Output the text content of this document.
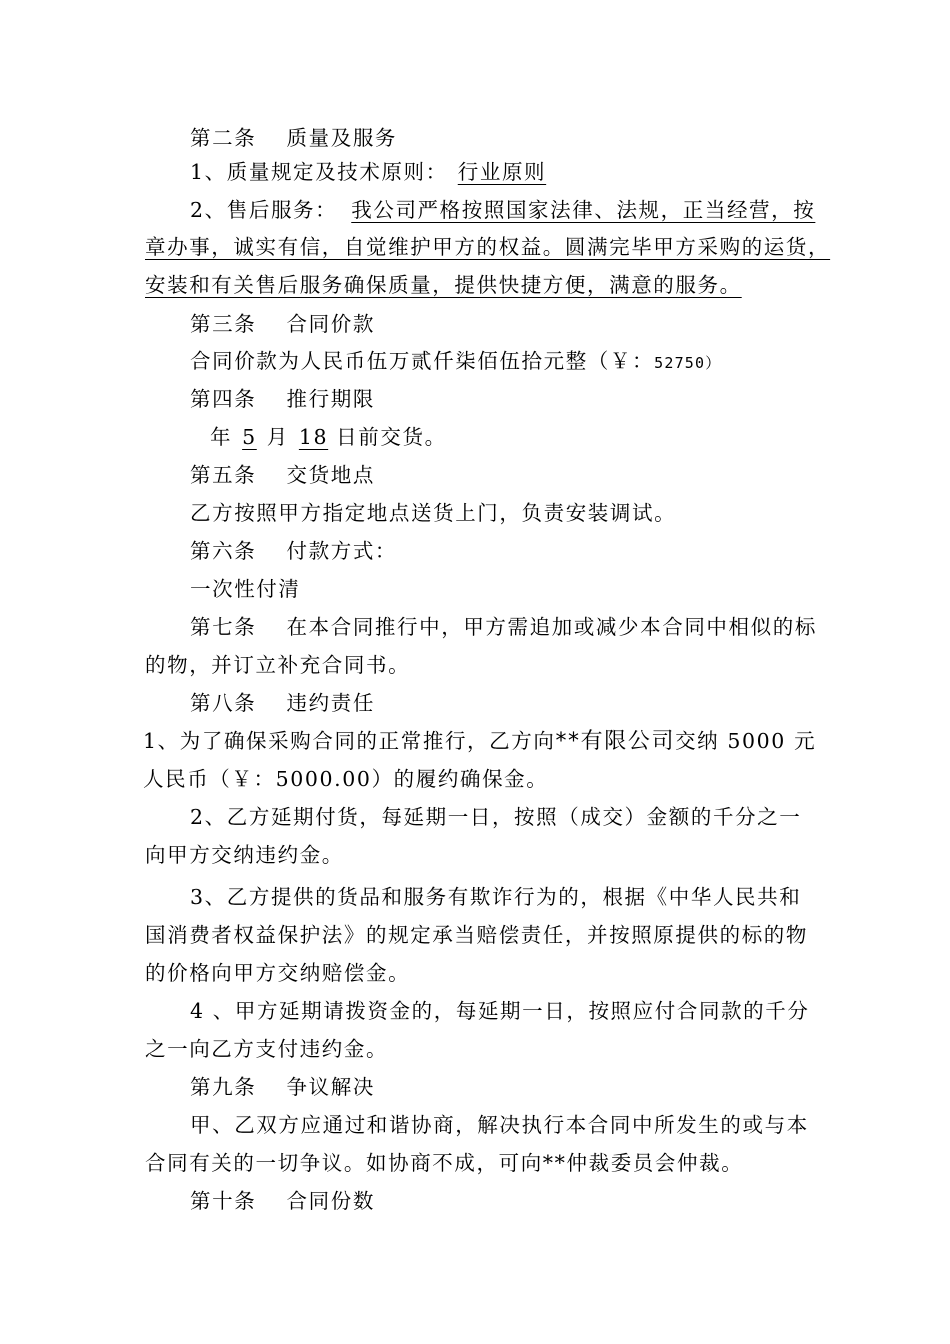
第二条　 质量及服务
1、质量规定及技术原则： 行业原则
2、售后服务： 我公司严格按照国家法律、法规，正当经营，按
章办事，诚实有信，自觉维护甲方的权益。圆满完毕甲方采购的运货，
安装和有关售后服务确保质量，提供快捷方便，满意的服务。
第三条　 合同价款
合同价款为人民币伍万贰仟柒佰伍拾元整（￥：52750）
第四条　 推行期限
年 5 月 18 日前交货。
第五条　 交货地点
乙方按照甲方指定地点送货上门，负责安装调试。
第六条　 付款方式：
一次性付清
第七条　 在本合同推行中，甲方需追加或减少本合同中相似的标
的物，并订立补充合同书。
第八条　 违约责任
1、为了确保采购合同的正常推行，乙方向**有限公司交纳 5000 元
人民币（￥：5000.00）的履约确保金。
2、乙方延期付货，每延期一日，按照（成交）金额的千分之一
向甲方交纳违约金。
3、乙方提供的货品和服务有欺诈行为的，根据《中华人民共和
国消费者权益保护法》的规定承当赔偿责任，并按照原提供的标的物
的价格向甲方交纳赔偿金。
4 、甲方延期请拨资金的，每延期一日，按照应付合同款的千分
之一向乙方支付违约金。
第九条　 争议解决
甲、乙双方应通过和谐协商，解决执行本合同中所发生的或与本
合同有关的一切争议。如协商不成，可向**仲裁委员会仲裁。
第十条　 合同份数
